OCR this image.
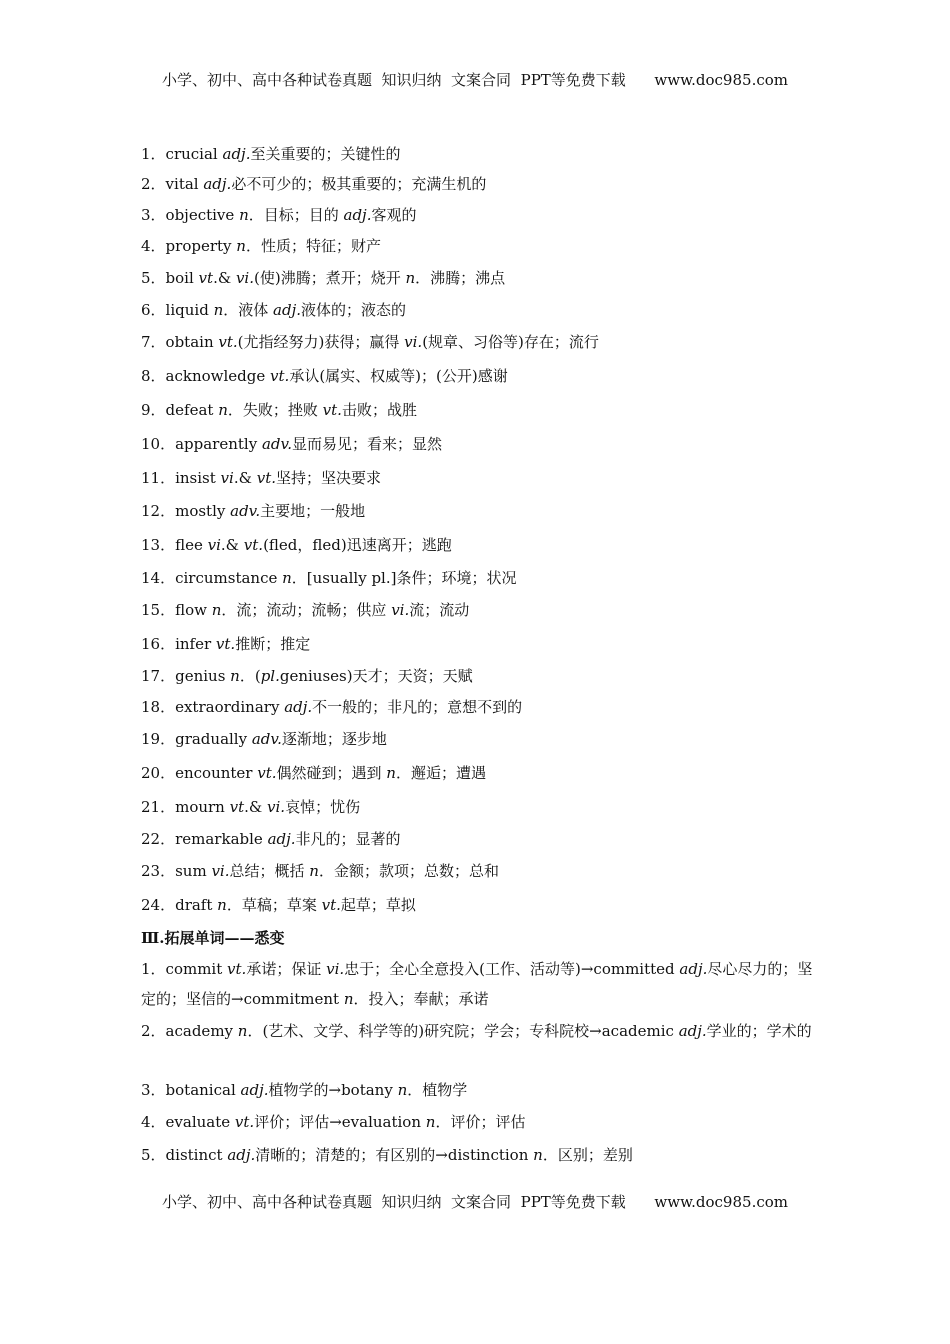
小学、初中、高中各种试卷真题  知识归纳  文案合同  PPT等免费下载      www.doc985.com
1．crucial adj.至关重要的；关键性的
2．vital adj.必不可少的；极其重要的；充满生机的
3．objective n．目标；目的 adj.客观的
4．property n．性质；特征；财产
5．boil vt.& vi.(使)沸腾；煮开；烧开 n．沸腾；沸点
6．liquid n．液体 adj.液体的；液态的
7．obtain vt.(尤指经努力)获得；赢得 vi.(规章、习俗等)存在；流行
8．acknowledge vt.承认(属实、权威等)；(公开)感谢
9．defeat n．失败；挫败 vt.击败；战胜
10．apparently adv.显而易见；看来；显然
11．insist vi.& vt.坚持；坚决要求
12．mostly adv.主要地；一般地
13．flee vi.& vt.(fled，fled)迅速离开；逃跑
14．circumstance n．[usually pl.]条件；环境；状况
15．flow n．流；流动；流畅；供应 vi.流；流动
16．infer vt.推断；推定
17．genius n．(pl.geniuses)天才；天资；天赋
18．extraordinary adj.不一般的；非凡的；意想不到的
19．gradually adv.逐渐地；逐步地
20．encounter vt.偶然碰到；遇到 n．邂逅；遭遇
21．mourn vt.& vi.哀悼；忧伤
22．remarkable adj.非凡的；显著的
23．sum vi.总结；概括 n．金额；款项；总数；总和
24．draft n．草稿；草案 vt.起草；草拟
Ⅲ.拓展单词——悉变
1．commit vt.承诺；保证 vi.忠于；全心全意投入(工作、活动等)→committed adj.尽心尽力的；坚定的；坚信的→commitment n．投入；奉献；承诺
2．academy n．(艺术、文学、科学等的)研究院；学会；专科院校→academic adj.学业的；学术的
3．botanical adj.植物学的→botany n．植物学
4．evaluate vt.评价；评估→evaluation n．评价；评估
5．distinct adj.清晰的；清楚的；有区别的→distinction n．区别；差别
小学、初中、高中各种试卷真题  知识归纳  文案合同  PPT等免费下载      www.doc985.com
